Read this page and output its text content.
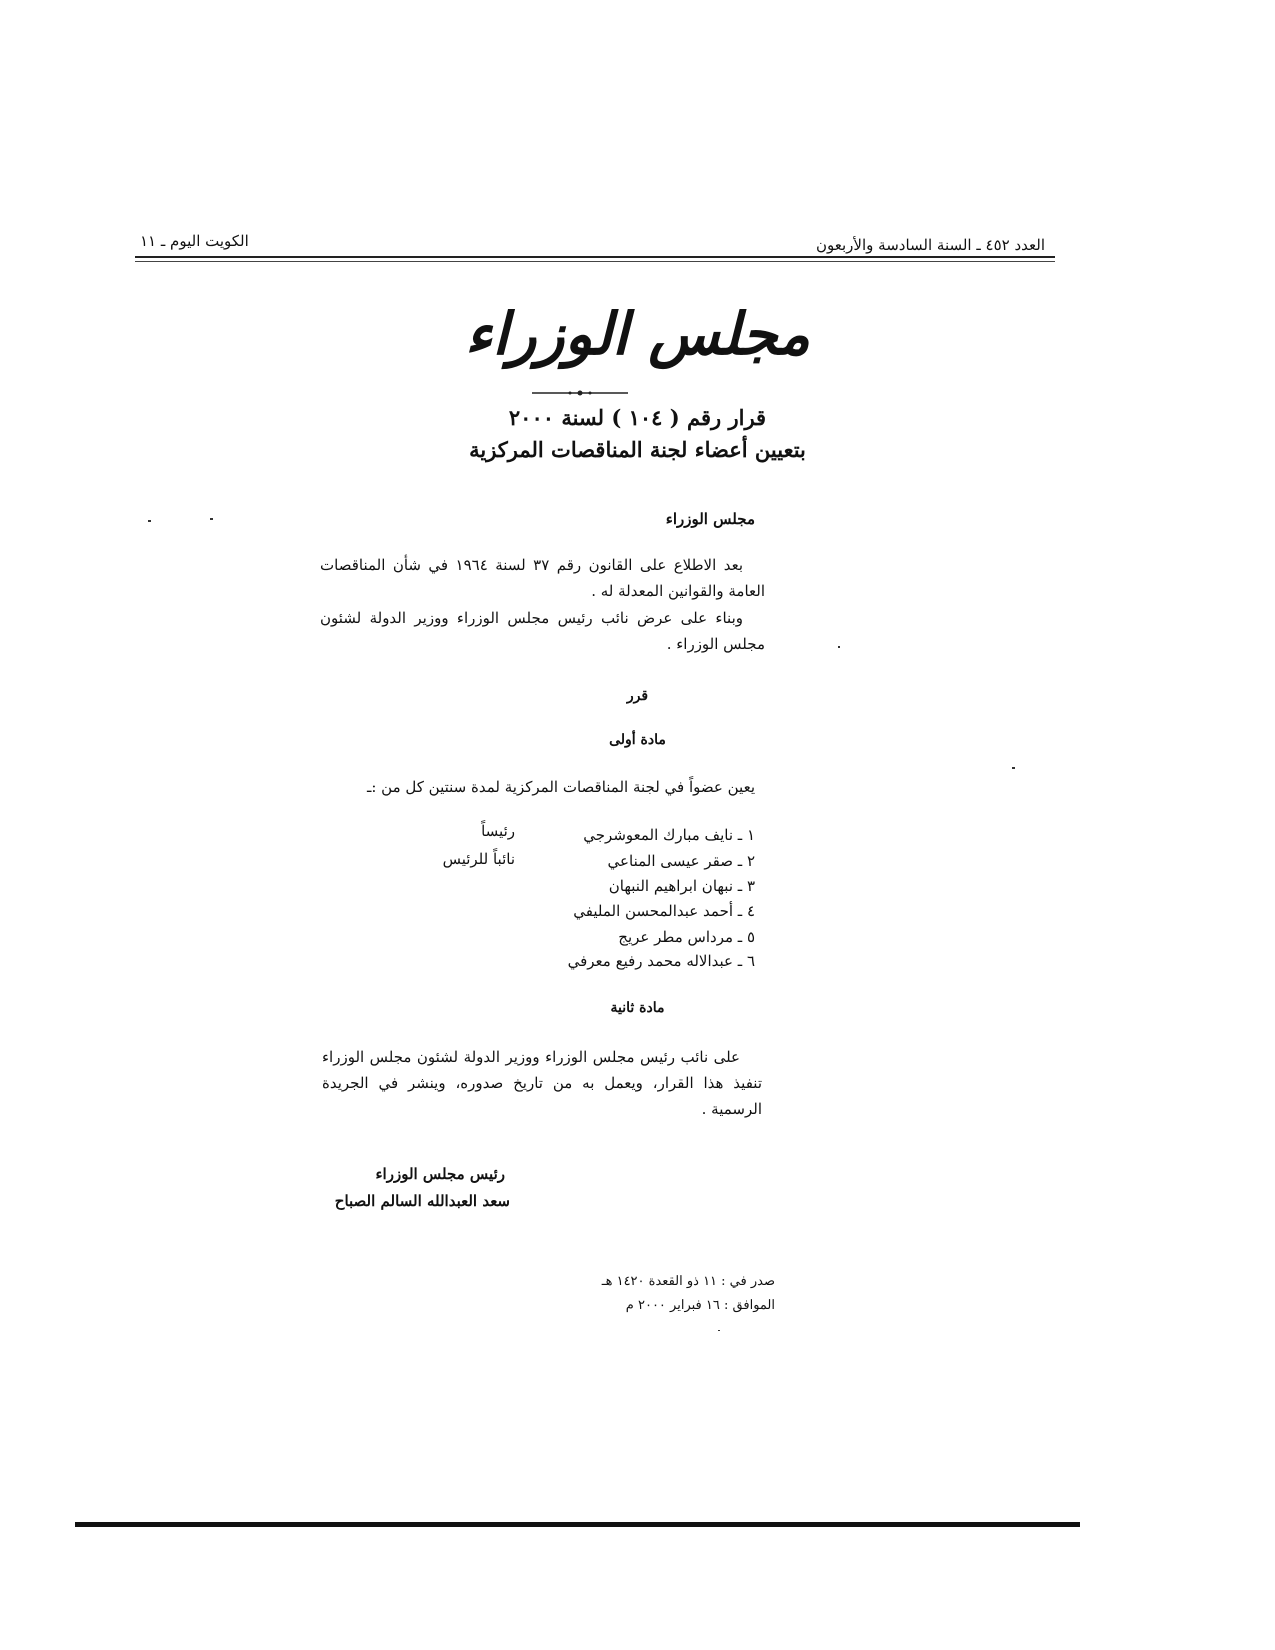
العدد ٤٥٢ ـ السنة السادسة والأربعون
الكويت اليوم ـ ١١
مجلس الوزراء
قرار رقم ( ١٠٤ ) لسنة ٢٠٠٠
بتعيين أعضاء لجنة المناقصات المركزية
مجلس الوزراء
بعد الاطلاع على القانون رقم ٣٧ لسنة ١٩٦٤ في شأن المناقصات العامة والقوانين المعدلة له .
وبناء على عرض نائب رئيس مجلس الوزراء ووزير الدولة لشئون مجلس الوزراء .
قرر
مادة أولى
يعين عضواً في لجنة المناقصات المركزية لمدة سنتين كل من :ـ
١ ـ نايف مبارك المعوشرجي
رئيساً
٢ ـ صقر عيسى المناعي
نائباً للرئيس
٣ ـ نبهان ابراهيم النبهان
٤ ـ أحمد عبدالمحسن المليفي
٥ ـ مرداس مطر عريج
٦ ـ عبدالاله محمد رفيع معرفي
مادة ثانية
على نائب رئيس مجلس الوزراء ووزير الدولة لشئون مجلس الوزراء تنفيذ هذا القرار، ويعمل به من تاريخ صدوره، وينشر في الجريدة الرسمية .
رئيس مجلس الوزراء
سعد العبدالله السالم الصباح
صدر في : ١١ ذو القعدة ١٤٢٠ هـ
الموافق : ١٦ فبراير ٢٠٠٠ م
